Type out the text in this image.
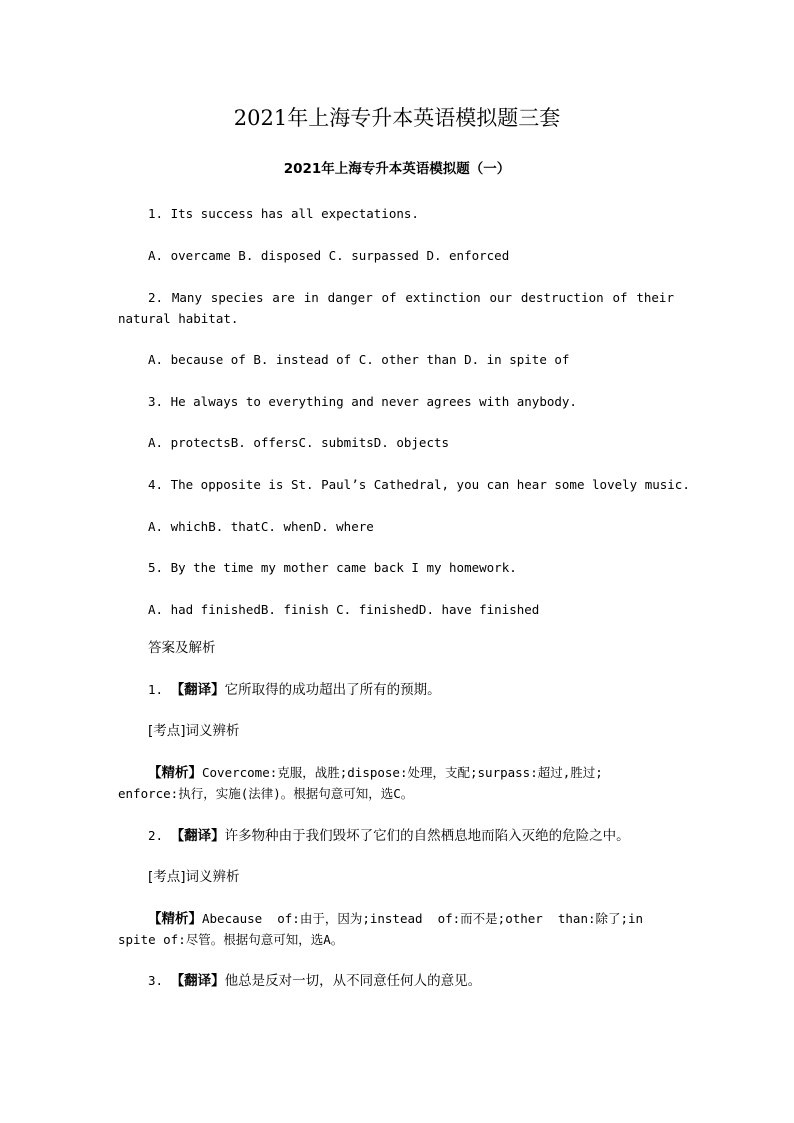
2021年上海专升本英语模拟题三套
2021年上海专升本英语模拟题（一）
1. Its success has all expectations.
A. overcame B. disposed C. surpassed D. enforced
2. Many species are in danger of extinction our destruction of their
natural habitat.
A. because of B. instead of C. other than D. in spite of
3. He always to everything and never agrees with anybody.
A. protectsB. offersC. submitsD. objects
4. The opposite is St. Paul’s Cathedral, you can hear some lovely music.
A. whichB. thatC. whenD. where
5. By the time my mother came back I my homework.
A. had finishedB. finish C. finishedD. have finished
答案及解析
1. 【翻译】它所取得的成功超出了所有的预期。
[考点]词义辨析
【精析】Covercome:克服，战胜;dispose:处理，支配;surpass:超过,胜过;
enforce:执行，实施(法律)。根据句意可知，选C。
2. 【翻译】许多物种由于我们毁坏了它们的自然栖息地而陷入灭绝的危险之中。
[考点]词义辨析
【精析】Abecause  of:由于，因为;instead  of:而不是;other  than:除了;in
spite of:尽管。根据句意可知，选A。
3. 【翻译】他总是反对一切，从不同意任何人的意见。
